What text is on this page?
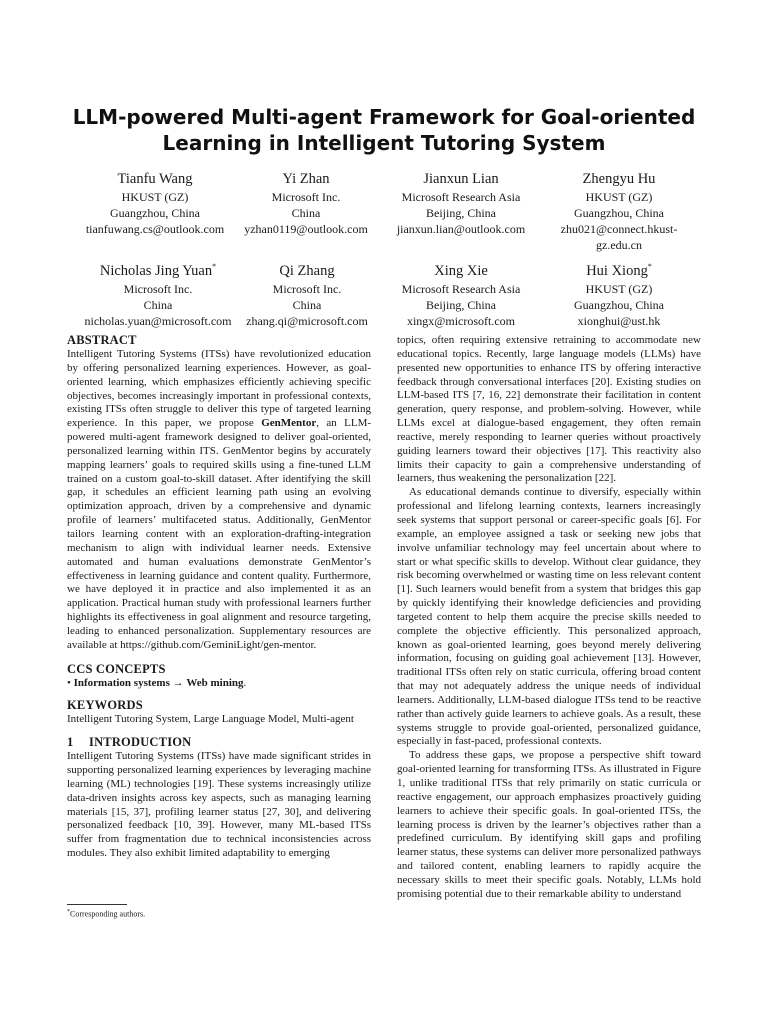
LLM-powered Multi-agent Framework for Goal-oriented
Learning in Intelligent Tutoring System
Tianfu Wang
HKUST (GZ)
Guangzhou, China
tianfuwang.cs@outlook.com
Yi Zhan
Microsoft Inc.
China
yzhan0119@outlook.com
Jianxun Lian
Microsoft Research Asia
Beijing, China
jianxun.lian@outlook.com
Zhengyu Hu
HKUST (GZ)
Guangzhou, China
zhu021@connect.hkust-
gz.edu.cn
Nicholas Jing Yuan*
Microsoft Inc.
China
nicholas.yuan@microsoft.com
Qi Zhang
Microsoft Inc.
China
zhang.qi@microsoft.com
Xing Xie
Microsoft Research Asia
Beijing, China
xingx@microsoft.com
Hui Xiong*
HKUST (GZ)
Guangzhou, China
xionghui@ust.hk
ABSTRACT

Intelligent Tutoring Systems (ITSs) have revolutionized education by offering personalized learning experiences. However, as goal-oriented learning, which emphasizes efficiently achieving specific objectives, becomes increasingly important in professional contexts, existing ITSs often struggle to deliver this type of targeted learning experience. In this paper, we propose GenMentor, an LLM-powered multi-agent framework designed to deliver goal-oriented, personalized learning within ITS. GenMentor begins by accurately mapping learners’ goals to required skills using a fine-tuned LLM trained on a custom goal-to-skill dataset. After identifying the skill gap, it schedules an efficient learning path using an evolving optimization approach, driven by a comprehensive and dynamic profile of learners’ multifaceted status. Additionally, GenMentor tailors learning content with an exploration-drafting-integration mechanism to align with individual learner needs. Extensive automated and human evaluations demonstrate GenMentor’s effectiveness in learning guidance and content quality. Furthermore, we have deployed it in practice and also implemented it as an application. Practical human study with professional learners further highlights its effectiveness in goal alignment and resource targeting, leading to enhanced personalization. Supplementary resources are available at https://github.com/GeminiLight/gen-mentor.

CCS CONCEPTS

• Information systems → Web mining.

KEYWORDS

Intelligent Tutoring System, Large Language Model, Multi-agent

1 INTRODUCTION

Intelligent Tutoring Systems (ITSs) have made significant strides in supporting personalized learning experiences by leveraging machine learning (ML) technologies [19]. These systems increasingly utilize data-driven insights across key aspects, such as managing learning materials [15, 37], profiling learner status [27, 30], and delivering personalized feedback [10, 39]. However, many ML-based ITSs suffer from fragmentation due to technical inconsistencies across modules. They also exhibit limited adaptability to emerging

topics, often requiring extensive retraining to accommodate new educational topics. Recently, large language models (LLMs) have presented new opportunities to enhance ITS by offering interactive feedback through conversational interfaces [20]. Existing studies on LLM-based ITS [7, 16, 22] demonstrate their facilitation in content generation, query response, and problem-solving. However, while LLMs excel at dialogue-based engagement, they often remain reactive, merely responding to learner queries without proactively guiding learners toward their objectives [17]. This reactivity also limits their capacity to gain a comprehensive understanding of learners, thus weakening the personalization [22].

As educational demands continue to diversify, especially within professional and lifelong learning contexts, learners increasingly seek systems that support personal or career-specific goals [6]. For example, an employee assigned a task or seeking new jobs that involve unfamiliar technology may feel uncertain about where to start or what specific skills to develop. Without clear guidance, they risk becoming overwhelmed or wasting time on less relevant content [1]. Such learners would benefit from a system that bridges this gap by quickly identifying their knowledge deficiencies and providing targeted content to help them acquire the precise skills needed to complete the objective efficiently. This personalized approach, known as goal-oriented learning, goes beyond merely delivering information, focusing on guiding goal achievement [13]. However, traditional ITSs often rely on static curricula, offering broad content that may not adequately address the unique needs of individual learners. Additionally, LLM-based dialogue ITSs tend to be reactive rather than actively guide learners to achieve goals. As a result, these systems struggle to provide goal-oriented, personalized guidance, especially in fast-paced, professional contexts.

To address these gaps, we propose a perspective shift toward goal-oriented learning for transforming ITSs. As illustrated in Figure 1, unlike traditional ITSs that rely primarily on static curricula or reactive engagement, our approach emphasizes proactively guiding learners to achieve their specific goals. In goal-oriented ITSs, the learning process is driven by the learner’s objectives rather than a predefined curriculum. By identifying skill gaps and profiling learner status, these systems can deliver more personalized pathways and tailored content, enabling learners to rapidly acquire the necessary skills to meet their specific goals. Notably, LLMs hold promising potential due to their remarkable ability to understand

*Corresponding authors.
